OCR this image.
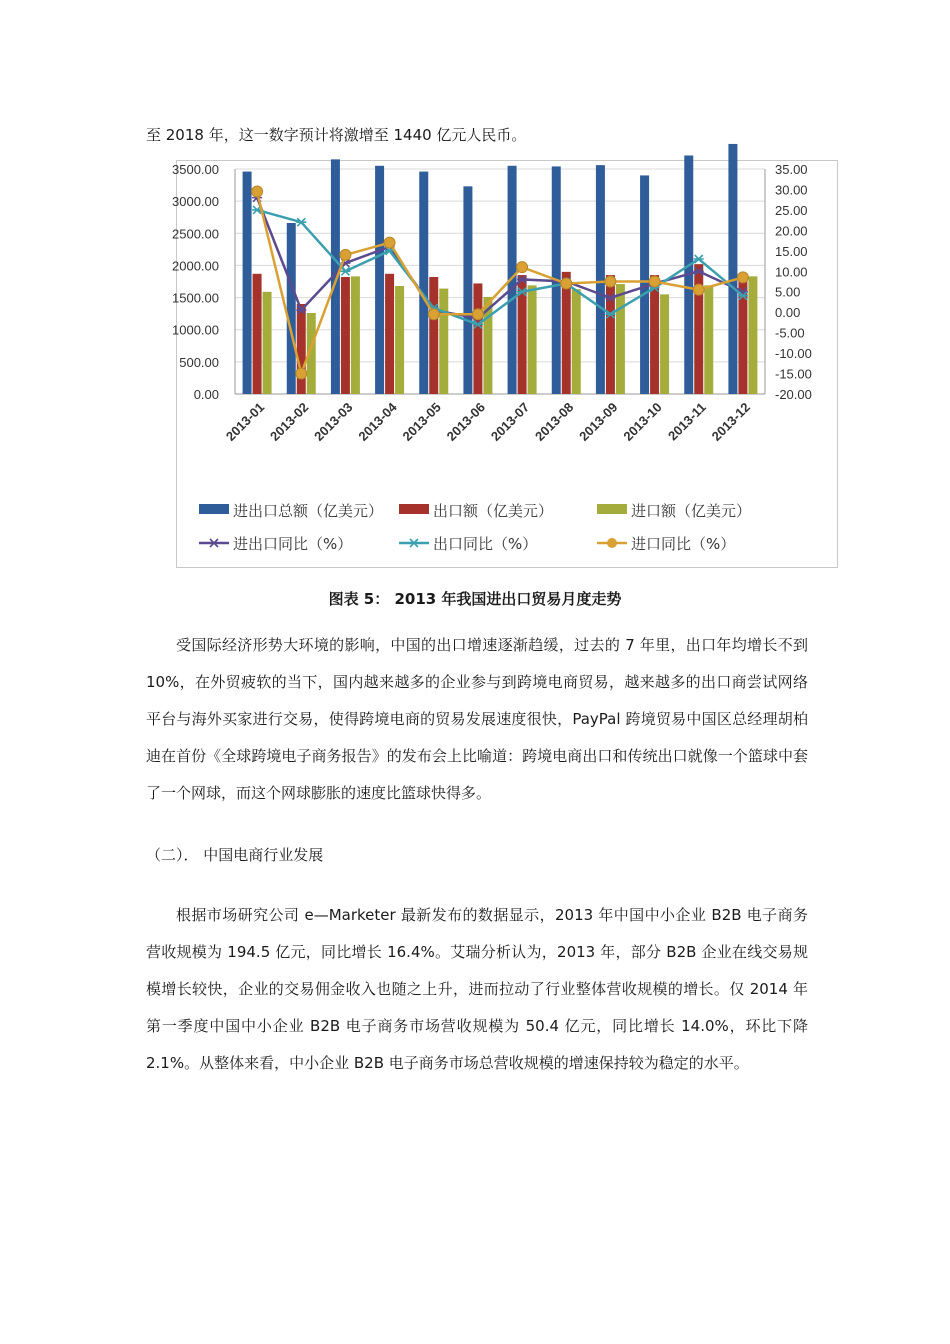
至 2018 年，这一数字预计将激增至 1440 亿元人民币。
0.00
500.00
1000.00
1500.00
2000.00
2500.00
3000.00
3500.00	35.00
30.00
25.00
20.00
15.00
10.00
5.00
0.00
-5.00
-10.00
-15.00
-20.00
2013-01 2013-02 2013-03 2013-04 2013-05 2013-06 2013-07 2013-08 2013-09 2013-10 2013-11 2013-12
进出口总额（亿美元）	出口额（亿美元）	进口额（亿美元）
进出口同比（%）	出口同比（%）	进口同比（%）
图表 5： 2013 年我国进出口贸易月度走势

受国际经济形势大环境的影响，中国的出口增速逐渐趋缓，过去的 7 年里，出口年均增长不到 10%，在外贸疲软的当下，国内越来越多的企业参与到跨境电商贸易，越来越多的出口商尝试网络平台与海外买家进行交易，使得跨境电商的贸易发展速度很快，PayPal 跨境贸易中国区总经理胡柏迪在首份《全球跨境电子商务报告》的发布会上比喻道：跨境电商出口和传统出口就像一个篮球中套了一个网球，而这个网球膨胀的速度比篮球快得多。

（二）． 中国电商行业发展

根据市场研究公司 e—Marketer 最新发布的数据显示，2013 年中国中小企业 B2B 电子商务营收规模为 194.5 亿元，同比增长 16.4%。艾瑞分析认为，2013 年，部分 B2B 企业在线交易规模增长较快，企业的交易佣金收入也随之上升，进而拉动了行业整体营收规模的增长。仅 2014 年第一季度中国中小企业 B2B 电子商务市场营收规模为 50.4 亿元，同比增长 14.0%，环比下降 2.1%。从整体来看，中小企业 B2B 电子商务市场总营收规模的增速保持较为稳定的水平。
